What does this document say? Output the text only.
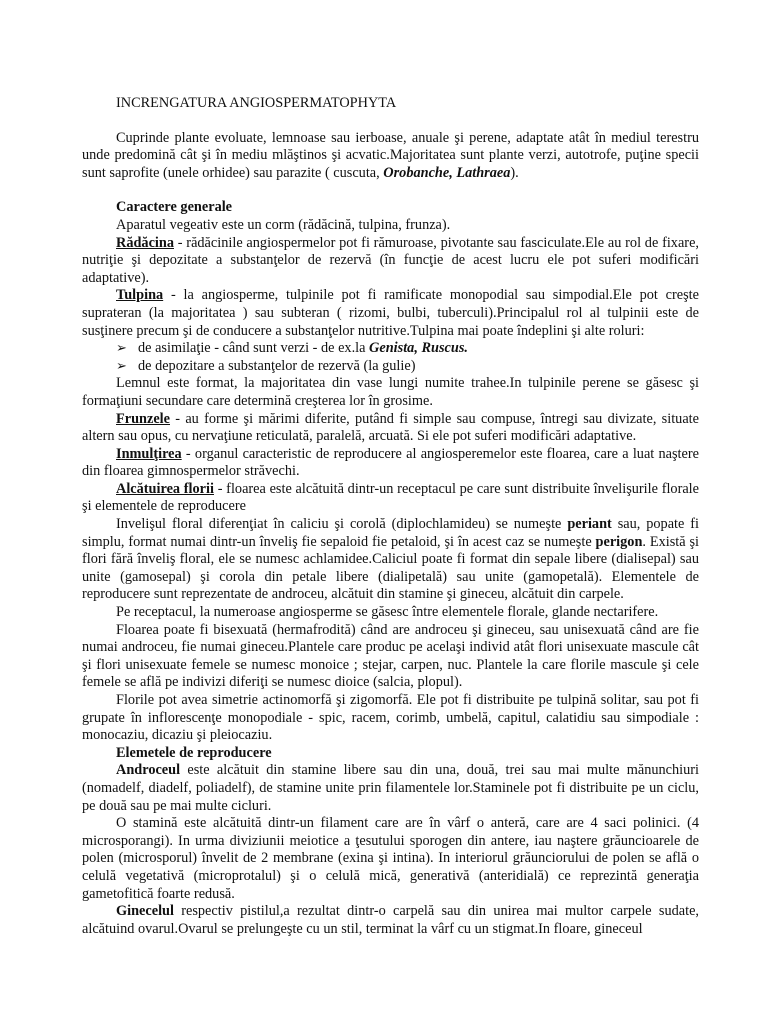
INCRENGATURA ANGIOSPERMATOPHYTA

Cuprinde plante evoluate, lemnoase sau ierboase, anuale şi perene, adaptate atât în mediul terestru unde predomină cât şi în mediu mlăştinos şi acvatic.Majoritatea sunt plante verzi, autotrofe, puţine specii sunt saprofite (unele orhidee) sau parazite ( cuscuta, Orobanche, Lathraea).

Caractere generale

Aparatul vegeativ este un corm (rădăcină, tulpina, frunza).

Rădăcina - rădăcinile angiospermelor pot fi rămuroase, pivotante sau fasciculate.Ele au rol de fixare, nutriţie şi depozitate a substanţelor de rezervă (în funcţie de acest lucru ele pot suferi modificări adaptative).

Tulpina - la angiosperme, tulpinile pot fi ramificate monopodial sau simpodial.Ele pot creşte suprateran (la majoritatea ) sau subteran ( rizomi, bulbi, tuberculi).Principalul rol al tulpinii este de susţinere precum şi de conducere a substanţelor nutritive.Tulpina mai poate îndeplini şi alte roluri:

➢ de asimilaţie - când sunt verzi - de ex.la Genista, Ruscus.
➢ de depozitare a substanţelor de rezervă (la gulie)

Lemnul este format, la majoritatea din vase lungi numite trahee.In tulpinile perene se găsesc şi formaţiuni secundare care determină creşterea lor în grosime.

Frunzele - au forme şi mărimi diferite, putând fi simple sau compuse, întregi sau divizate, situate altern sau opus, cu nervaţiune reticulată, paralelă, arcuată. Si ele pot suferi modificări adaptative.

Inmulţirea - organul caracteristic de reproducere al angiosperemelor este floarea, care a luat naştere din floarea gimnospermelor străvechi.

Alcătuirea florii - floarea este alcătuită dintr-un receptacul pe care sunt distribuite învelişurile florale şi elementele de reproducere

Invelişul floral diferenţiat în caliciu şi corolă (diplochlamideu) se numeşte periant sau, popate fi simplu, format numai dintr-un înveliş fie sepaloid fie petaloid, şi în acest caz se numeşte perigon. Există şi flori fără înveliş floral, ele se numesc achlamidee.Caliciul poate fi format din sepale libere (dialisepal) sau unite (gamosepal) şi corola din petale libere (dialipetală) sau unite (gamopetală). Elementele de reproducere sunt reprezentate de androceu, alcătuit din stamine şi gineceu, alcătuit din carpele.

Pe receptacul, la numeroase angiosperme se găsesc între elementele florale, glande nectarifere.

Floarea poate fi bisexuată (hermafrodită) când are androceu şi gineceu, sau unisexuată când are fie numai androceu, fie numai gineceu.Plantele care produc pe acelaşi individ atât flori unisexuate mascule cât şi flori unisexuate femele se numesc monoice ; stejar, carpen, nuc. Plantele la care florile mascule şi cele femele se află pe indivizi diferiţi se numesc dioice (salcia, plopul).

Florile pot avea simetrie actinomorfă şi zigomorfă. Ele pot fi distribuite pe tulpină solitar, sau pot fi grupate în inflorescenţe monopodiale - spic, racem, corimb, umbelă, capitul, calatidiu sau simpodiale : monocaziu, dicaziu şi pleiocaziu.

Elemetele de reproducere

Androceul este alcătuit din stamine libere sau din una, două, trei sau mai multe mănunchiuri (nomadelf, diadelf, poliadelf), de stamine unite prin filamentele lor.Staminele pot fi distribuite pe un ciclu, pe două sau pe mai multe cicluri.

O stamină este alcătuită dintr-un filament care are în vârf o anteră, care are 4 saci polinici. (4 microsporangi). In urma diviziunii meiotice a ţesutului sporogen din antere, iau naştere grăuncioarele de polen (microsporul) învelit de 2 membrane (exina şi intina). In interiorul grăunciorului de polen se află o celulă vegetativă (microprotalul) şi o celulă mică, generativă (anteridială) ce reprezintă generaţia gametofitică foarte redusă.

Ginecelul respectiv pistilul,a rezultat dintr-o carpelă sau din unirea mai multor carpele sudate, alcătuind ovarul.Ovarul se prelungeşte cu un stil, terminat la vârf cu un stigmat.In floare, gineceul
